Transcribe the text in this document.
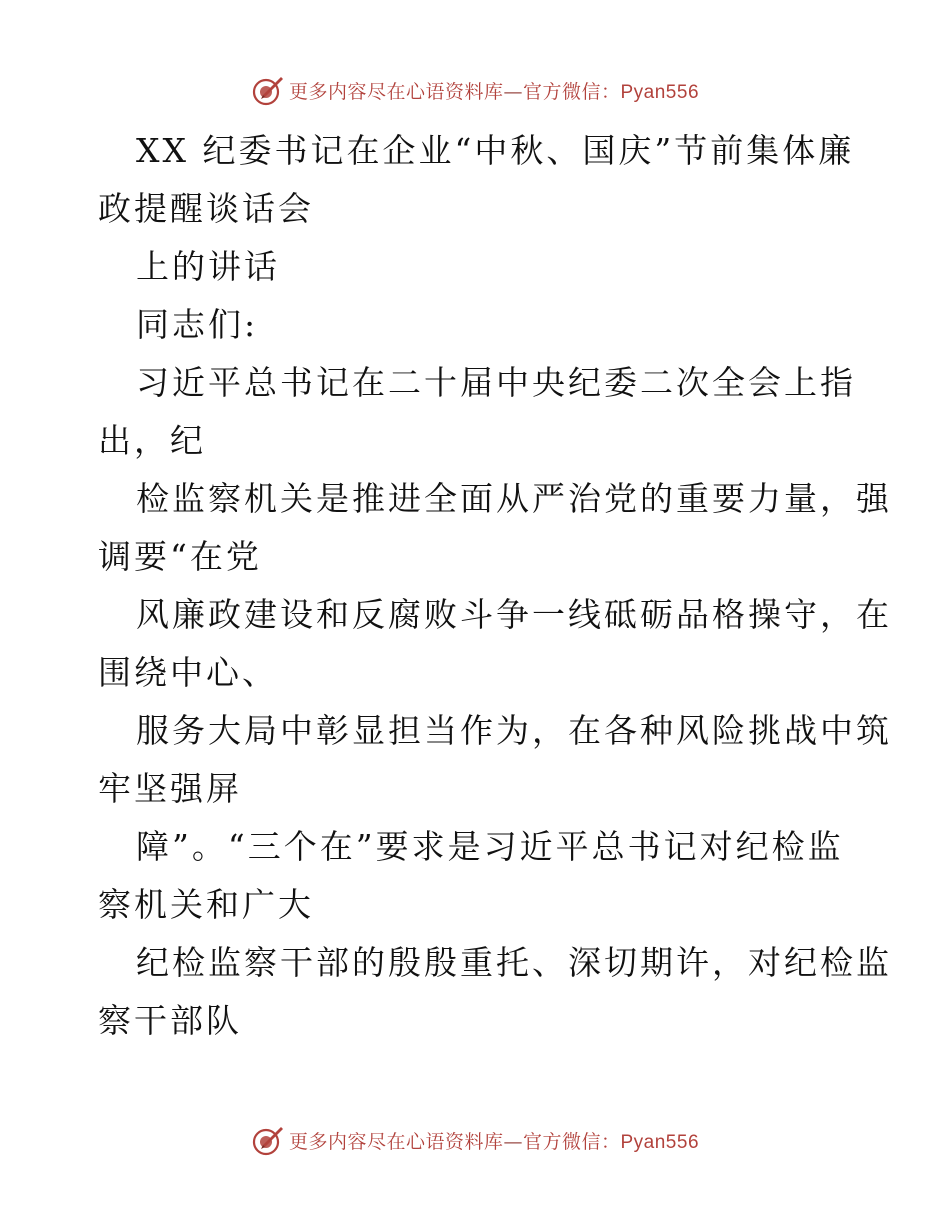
更多内容尽在心语资料库—官方微信：Pyan556
XX 纪委书记在企业“中秋、国庆”节前集体廉
政提醒谈话会
上的讲话
同志们:
习近平总书记在二十届中央纪委二次全会上指
出，纪
检监察机关是推进全面从严治党的重要力量，强
调要“在党
风廉政建设和反腐败斗争一线砥砺品格操守，在
围绕中心、
服务大局中彰显担当作为，在各种风险挑战中筑
牢坚强屏
障”。“三个在”要求是习近平总书记对纪检监
察机关和广大
纪检监察干部的殷殷重托、深切期许，对纪检监
察干部队
更多内容尽在心语资料库—官方微信：Pyan556
